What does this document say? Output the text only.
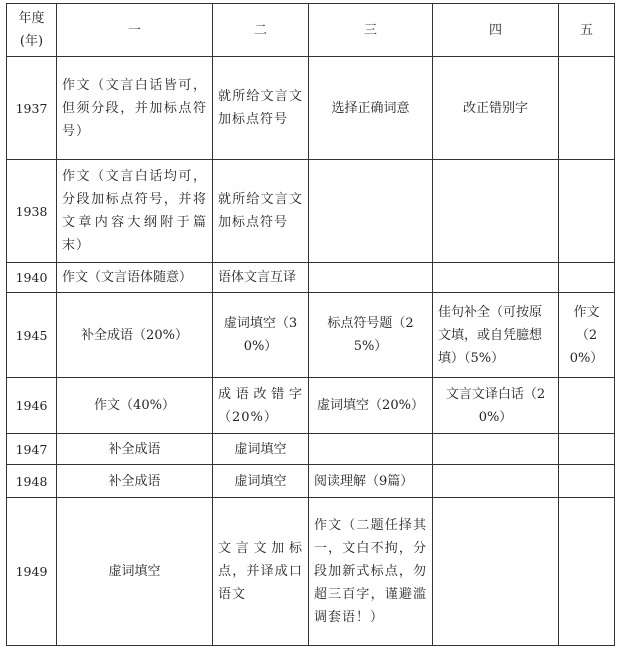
年度(年)	一	二	三	四	五
1937	作文（文言白话皆可，但须分段，并加标点符号）	就所给文言文加标点符号	选择正确词意	改正错别字	
1938	作文（文言白话均可，分段加标点符号，并将文章内容大纲附于篇末）	就所给文言文加标点符号			
1940	作文（文言语体随意）	语体文言互译			
1945	补全成语（20%）	虚词填空（30%）	标点符号题（25%）	佳句补全（可按原文填，或自凭臆想填）（5%）	作文（20%）
1946	作文（40%）	成语改错字（20%）	虚词填空（20%）	文言文译白话（20%）	
1947	补全成语	虚词填空			
1948	补全成语	虚词填空	阅读理解（9篇）		
1949	虚词填空	文言文加标点，并译成口语文	作文（二题任择其一，文白不拘，分段加新式标点，勿超三百字，谨避滥调套语！）		
